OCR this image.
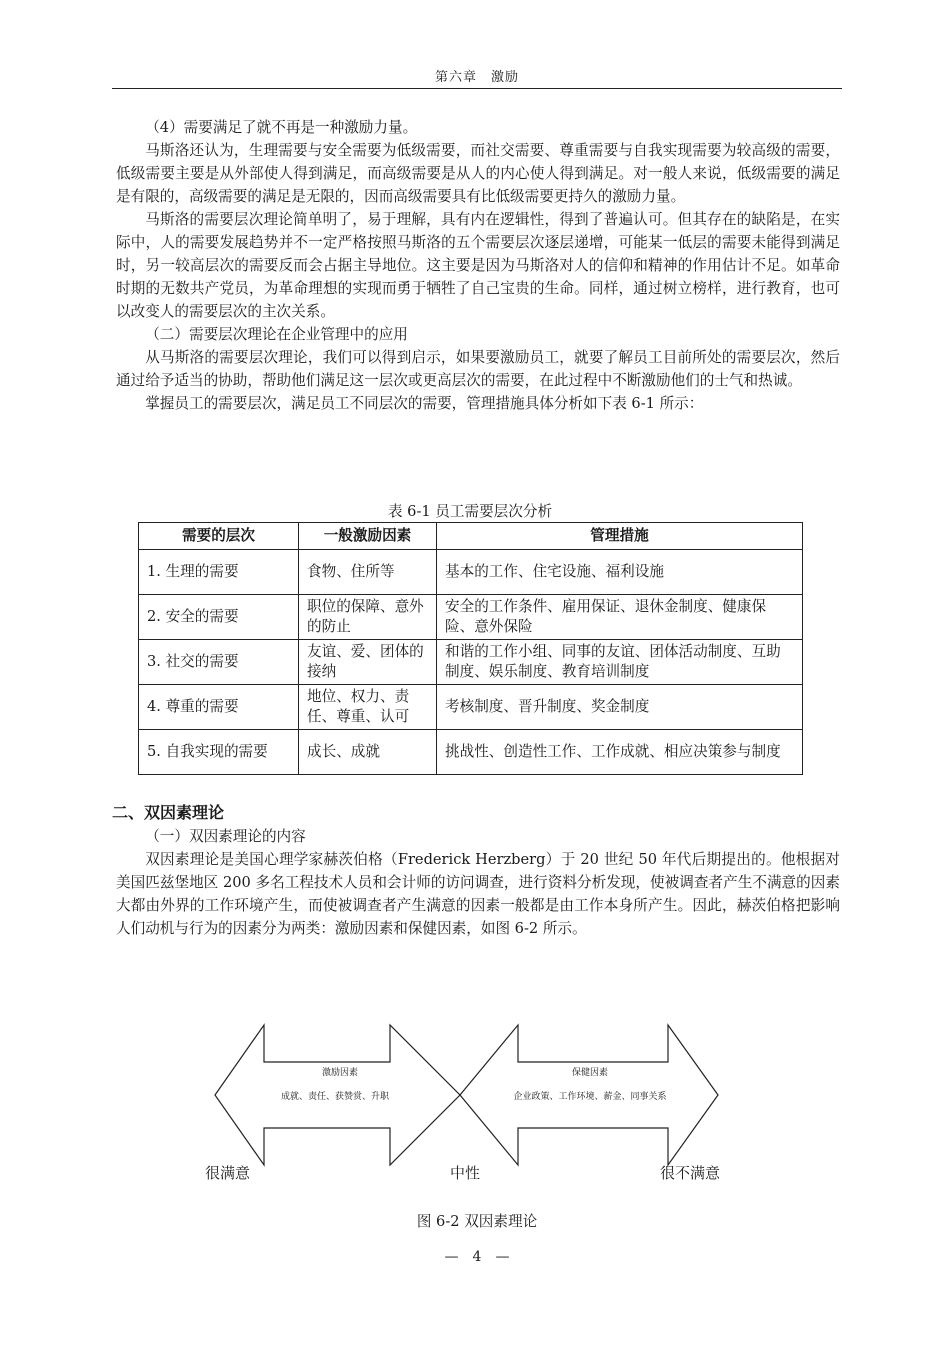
第六章　激励

（4）需要满足了就不再是一种激励力量。

马斯洛还认为，生理需要与安全需要为低级需要，而社交需要、尊重需要与自我实现需要为较高级的需要，低级需要主要是从外部使人得到满足，而高级需要是从人的内心使人得到满足。对一般人来说，低级需要的满足是有限的，高级需要的满足是无限的，因而高级需要具有比低级需要更持久的激励力量。

马斯洛的需要层次理论简单明了，易于理解，具有内在逻辑性，得到了普遍认可。但其存在的缺陷是，在实际中，人的需要发展趋势并不一定严格按照马斯洛的五个需要层次逐层递增，可能某一低层的需要未能得到满足时，另一较高层次的需要反而会占据主导地位。这主要是因为马斯洛对人的信仰和精神的作用估计不足。如革命时期的无数共产党员，为革命理想的实现而勇于牺牲了自己宝贵的生命。同样，通过树立榜样，进行教育，也可以改变人的需要层次的主次关系。

（二）需要层次理论在企业管理中的应用

从马斯洛的需要层次理论，我们可以得到启示，如果要激励员工，就要了解员工目前所处的需要层次，然后通过给予适当的协助，帮助他们满足这一层次或更高层次的需要，在此过程中不断激励他们的士气和热诚。

掌握员工的需要层次，满足员工不同层次的需要，管理措施具体分析如下表 6-1 所示：

表 6-1 员工需要层次分析
需要的层次	一般激励因素	管理措施
1. 生理的需要	食物、住所等	基本的工作、住宅设施、福利设施
2. 安全的需要	职位的保障、意外的防止	安全的工作条件、雇用保证、退休金制度、健康保险、意外保险
3. 社交的需要	友谊、爱、团体的接纳	和谐的工作小组、同事的友谊、团体活动制度、互助制度、娱乐制度、教育培训制度
4. 尊重的需要	地位、权力、责任、尊重、认可	考核制度、晋升制度、奖金制度
5. 自我实现的需要	成长、成就	挑战性、创造性工作、工作成就、相应决策参与制度
二、双因素理论

（一）双因素理论的内容

双因素理论是美国心理学家赫茨伯格（Frederick Herzberg）于 20 世纪 50 年代后期提出的。他根据对美国匹兹堡地区 200 多名工程技术人员和会计师的访问调查，进行资料分析发现，使被调查者产生不满意的因素大都由外界的工作环境产生，而使被调查者产生满意的因素一般都是由工作本身所产生。因此，赫茨伯格把影响人们动机与行为的因素分为两类：激励因素和保健因素，如图 6-2 所示。

激励因素
成就、责任、获赞赏、升职
保健因素
企业政策、工作环境、薪金、同事关系
很满意	中性	很不满意
图 6-2 双因素理论
—　4　—
